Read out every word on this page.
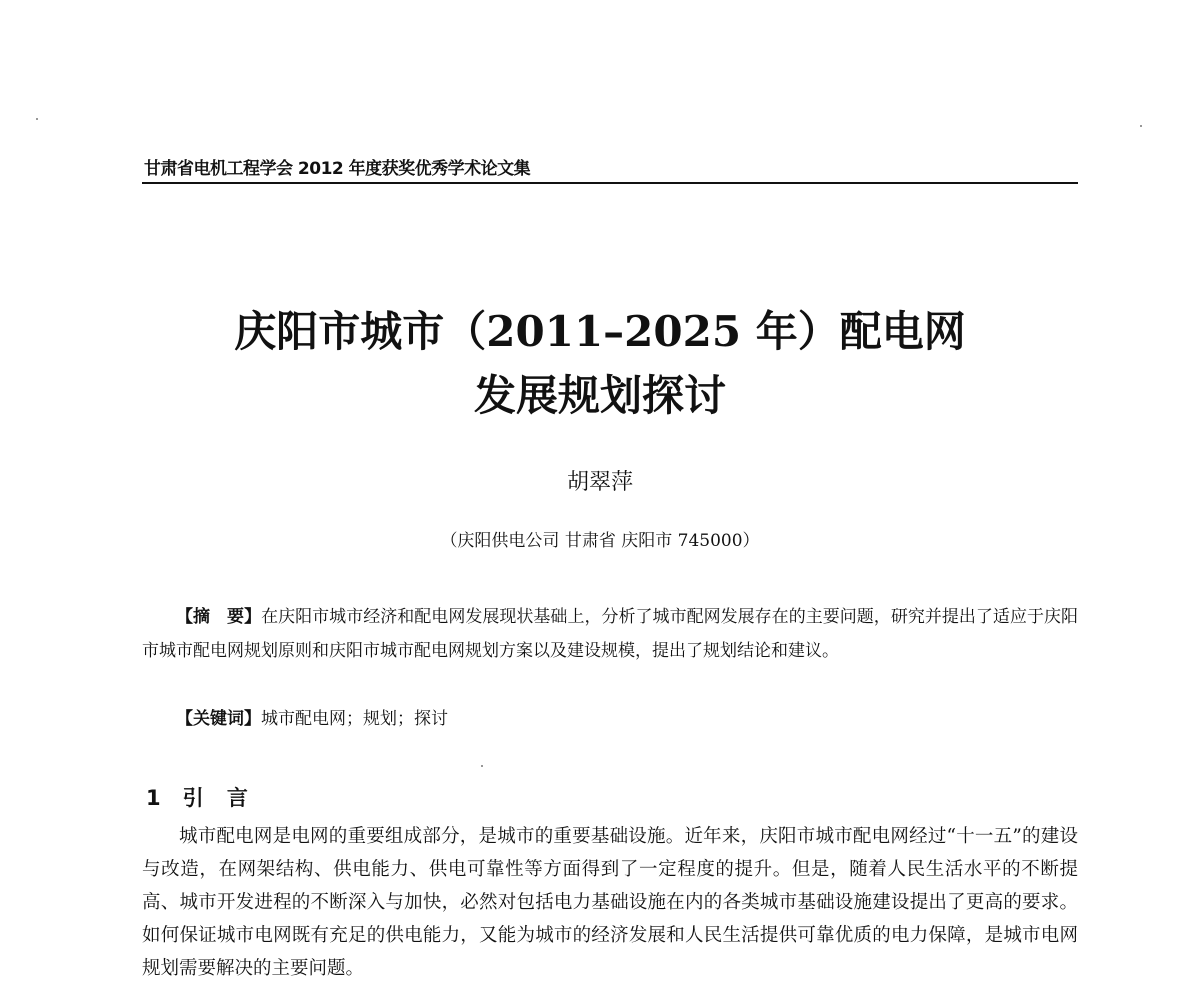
甘肃省电机工程学会 2012 年度获奖优秀学术论文集
庆阳市城市（2011–2025 年）配电网
发展规划探讨
胡翠萍
（庆阳供电公司 甘肃省 庆阳市 745000）
【摘　要】在庆阳市城市经济和配电网发展现状基础上，分析了城市配网发展存在的主要问题，研究并提出了适应于庆阳市城市配电网规划原则和庆阳市城市配电网规划方案以及建设规模，提出了规划结论和建议。
【关键词】城市配电网；规划；探讨
1 引 言
城市配电网是电网的重要组成部分，是城市的重要基础设施。近年来，庆阳市城市配电网经过“十一五”的建设与改造，在网架结构、供电能力、供电可靠性等方面得到了一定程度的提升。但是，随着人民生活水平的不断提高、城市开发进程的不断深入与加快，必然对包括电力基础设施在内的各类城市基础设施建设提出了更高的要求。如何保证城市电网既有充足的供电能力，又能为城市的经济发展和人民生活提供可靠优质的电力保障，是城市电网规划需要解决的主要问题。
